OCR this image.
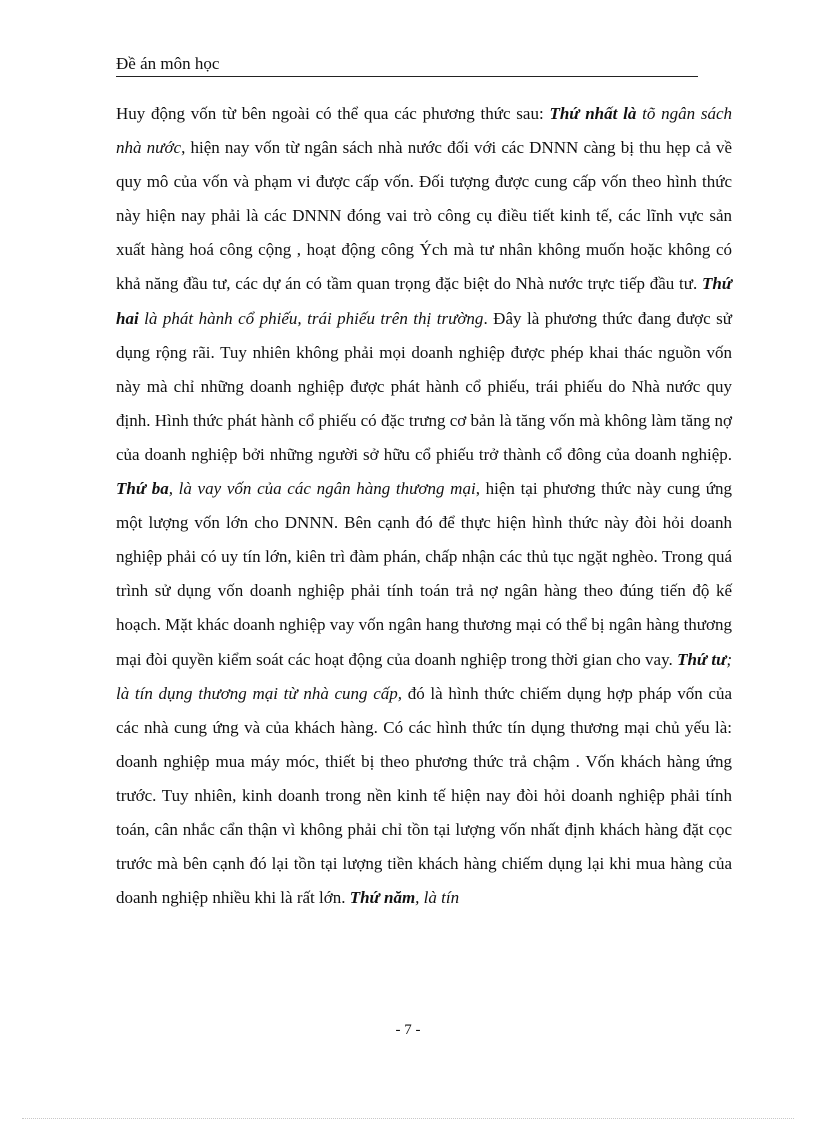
Đề án môn học

Huy động vốn từ bên ngoài có thể qua các phương thức sau: Thứ nhất là tõ ngân sách nhà nước, hiện nay vốn từ ngân sách nhà nước đối với các DNNN càng bị thu hẹp cả về quy mô của vốn và phạm vi được cấp vốn. Đối tượng được cung cấp vốn theo hình thức này hiện nay phải là các DNNN đóng vai trò công cụ điều tiết kinh tế, các lĩnh vực sản xuất hàng hoá công cộng , hoạt động công Ých mà tư nhân không muốn hoặc không có khả năng đầu tư, các dự án có tầm quan trọng đặc biệt do Nhà nước trực tiếp đầu tư. Thứ hai là phát hành cổ phiếu, trái phiếu trên thị trường. Đây là phương thức đang được sử dụng rộng rãi. Tuy nhiên không phải mọi doanh nghiệp được phép khai thác nguồn vốn này mà chỉ những doanh nghiệp được phát hành cổ phiếu, trái phiếu do Nhà nước quy định. Hình thức phát hành cổ phiếu có đặc trưng cơ bản là tăng vốn mà không làm tăng nợ của doanh nghiệp bởi những người sở hữu cổ phiếu trở thành cổ đông của doanh nghiệp. Thứ ba, là vay vốn của các ngân hàng thương mại, hiện tại phương thức này cung ứng một lượng vốn lớn cho DNNN. Bên cạnh đó để thực hiện hình thức này đòi hỏi doanh nghiệp phải có uy tín lớn, kiên trì đàm phán, chấp nhận các thủ tục ngặt nghèo. Trong quá trình sử dụng vốn doanh nghiệp phải tính toán trả nợ ngân hàng theo đúng tiến độ kế hoạch. Mặt khác doanh nghiệp vay vốn ngân hang thương mại có thể bị ngân hàng thương mại đòi quyền kiểm soát các hoạt động của doanh nghiệp trong thời gian cho vay. Thứ tư; là tín dụng thương mại từ nhà cung cấp, đó là hình thức chiếm dụng hợp pháp vốn của các nhà cung ứng và của khách hàng. Có các hình thức tín dụng thương mại chủ yếu là: doanh nghiệp mua máy móc, thiết bị theo phương thức trả chậm . Vốn khách hàng ứng trước. Tuy nhiên, kinh doanh trong nền kinh tế hiện nay đòi hỏi doanh nghiệp phải tính toán, cân nhắc cẩn thận vì không phải chỉ tồn tại lượng vốn nhất định khách hàng đặt cọc trước mà bên cạnh đó lại tồn tại lượng tiền khách hàng chiếm dụng lại khi mua hàng của doanh nghiệp nhiều khi là rất lớn. Thứ năm, là tín

- 7 -
